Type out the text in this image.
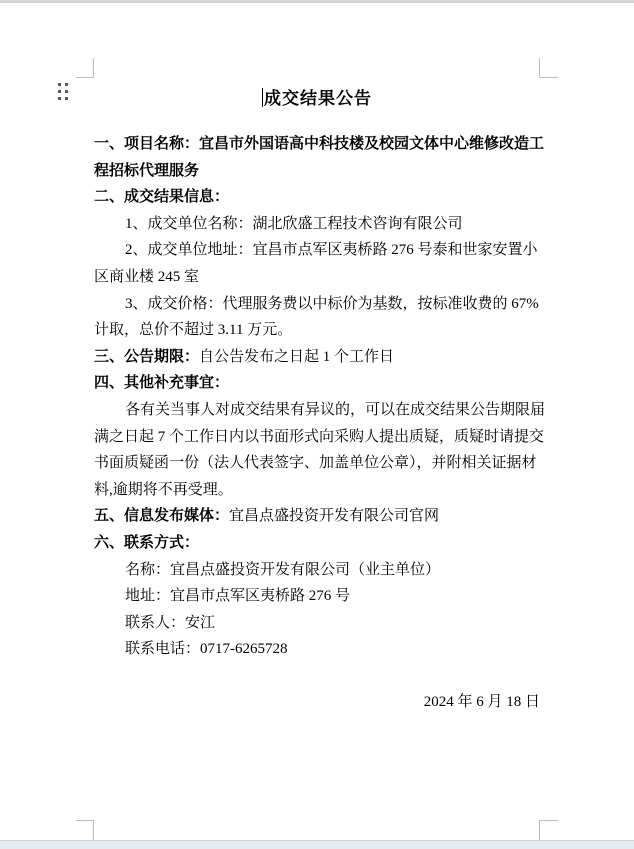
成交结果公告
一、项目名称：宜昌市外国语高中科技楼及校园文体中心维修改造工
程招标代理服务
二、成交结果信息：
1、成交单位名称：湖北欣盛工程技术咨询有限公司
2、成交单位地址：宜昌市点军区夷桥路 276 号泰和世家安置小
区商业楼 245 室
3、成交价格：代理服务费以中标价为基数，按标准收费的 67%
计取，总价不超过 3.11 万元。
三、公告期限：自公告发布之日起 1 个工作日
四、其他补充事宜：
各有关当事人对成交结果有异议的，可以在成交结果公告期限届
满之日起 7 个工作日内以书面形式向采购人提出质疑，质疑时请提交
书面质疑函一份（法人代表签字、加盖单位公章），并附相关证据材
料,逾期将不再受理。
五、信息发布媒体：宜昌点盛投资开发有限公司官网
六、联系方式：
名称：宜昌点盛投资开发有限公司（业主单位）
地址：宜昌市点军区夷桥路 276 号
联系人：安江
联系电话：0717-6265728
2024 年 6 月 18 日
